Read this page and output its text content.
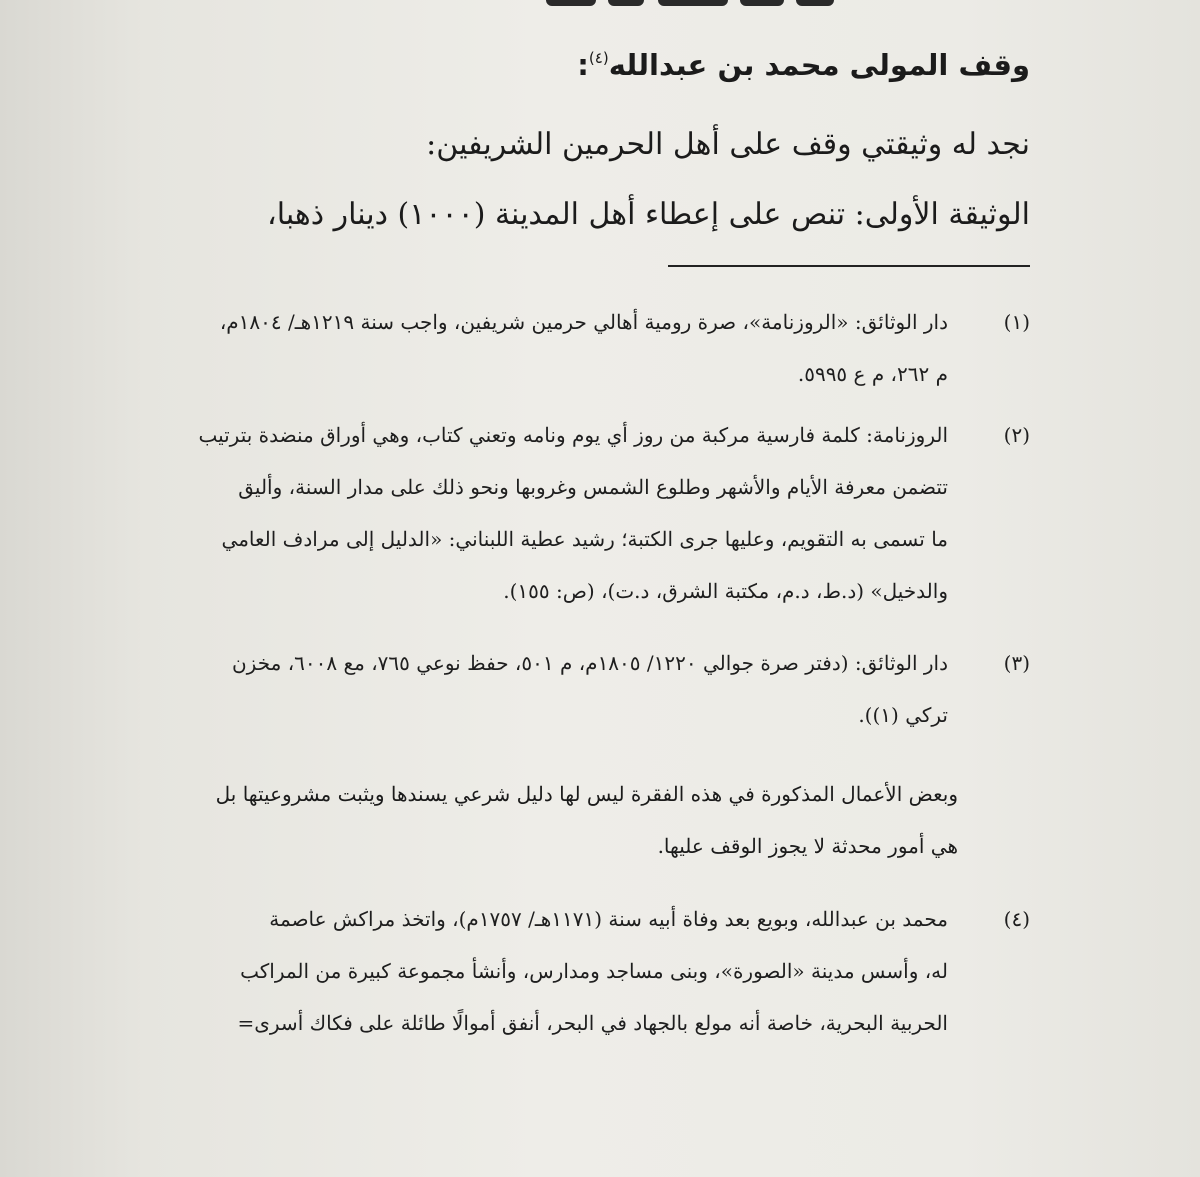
وقف المولى محمد بن عبدالله$^{(٤)}$:
نجد له وثيقتي وقف على أهل الحرمين الشريفين:
الوثيقة الأولى: تنص على إعطاء أهل المدينة (١٠٠٠) دينار ذهبا،
(١)
دار الوثائق: «الروزنامة»، صرة رومية أهالي حرمين شريفين، واجب سنة ١٢١٩هـ/ ١٨٠٤م،
م ٢٦٢، م ع ٥٩٩٥.
(٢)
الروزنامة: كلمة فارسية مركبة من روز أي يوم ونامه وتعني كتاب، وهي أوراق منضدة بترتيب
تتضمن معرفة الأيام والأشهر وطلوع الشمس وغروبها ونحو ذلك على مدار السنة، وأليق
ما تسمى به التقويم، وعليها جرى الكتبة؛ رشيد عطية اللبناني: «الدليل إلى مرادف العامي
والدخيل» (د.ط، د.م، مكتبة الشرق، د.ت)، (ص: ١٥٥).
(٣)
دار الوثائق: (دفتر صرة جوالي ١٢٢٠/ ١٨٠٥م، م ٥٠١، حفظ نوعي ٧٦٥، مع ٦٠٠٨، مخزن
تركي (١)).
وبعض الأعمال المذكورة في هذه الفقرة ليس لها دليل شرعي يسندها ويثبت مشروعيتها بل
هي أمور محدثة لا يجوز الوقف عليها.
(٤)
محمد بن عبدالله، وبويع بعد وفاة أبيه سنة (١١٧١هـ/ ١٧٥٧م)، واتخذ مراكش عاصمة
له، وأسس مدينة «الصورة»، وبنى مساجد ومدارس، وأنشأ مجموعة كبيرة من المراكب
الحربية البحرية، خاصة أنه مولع بالجهاد في البحر، أنفق أموالًا طائلة على فكاك أسرى=
